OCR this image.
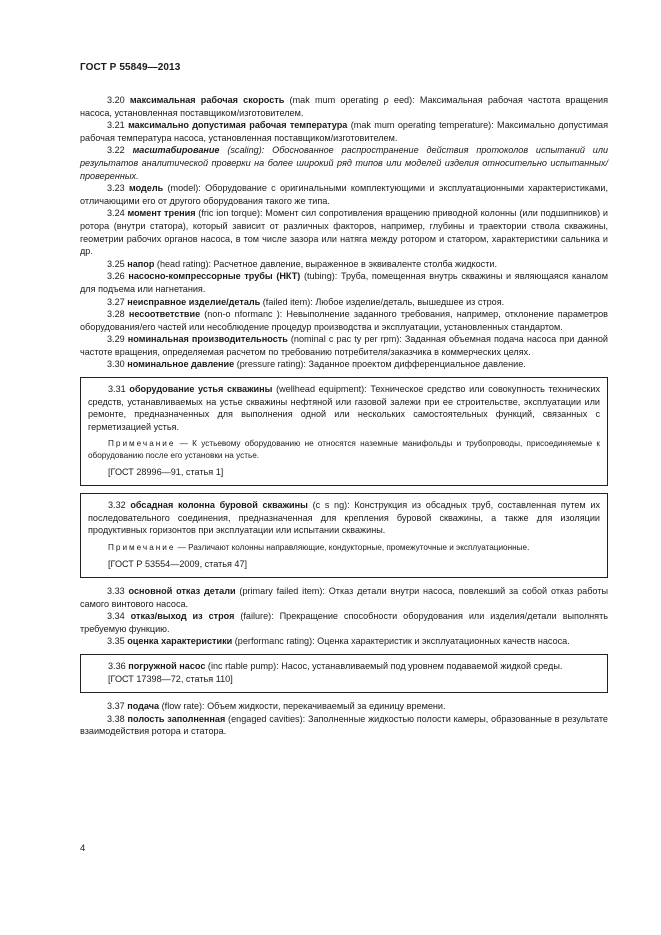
ГОСТ Р 55849—2013

3.20 максимальная рабочая скорость (mak mum operating ρ eed): Максимальная рабочая частота вращения насоса, установленная поставщиком/изготовителем.

3.21 максимально допустимая рабочая температура (mak mum operating temperature): Максимально допустимая рабочая температура насоса, установленная поставщиком/изготовителем.

3.22 масштабирование (scaling): Обоснованное распространение действия протоколов испытаний или результатов аналитической проверки на более широкий ряд типов или моделей изделия относительно испытанных/проверенных.

3.23 модель (model): Оборудование с оригинальными комплектующими и эксплуатационными характеристиками, отличающими его от другого оборудования такого же типа.

3.24 момент трения (fric ion torque): Момент сил сопротивления вращению приводной колонны (или подшипников) и ротора (внутри статора), который зависит от различных факторов, например, глубины и траектории ствола скважины, геометрии рабочих органов насоса, в том числе зазора или натяга между ротором и статором, характеристики сальника и др.

3.25 напор (head rating): Расчетное давление, выраженное в эквиваленте столба жидкости.

3.26 насосно-компрессорные трубы (НКТ) (tubing): Труба, помещенная внутрь скважины и являющаяся каналом для подъема или нагнетания.

3.27 неисправное изделие/деталь (failed item): Любое изделие/деталь, вышедшее из строя.

3.28 несоответствие (non-o nformanc ): Невыполнение заданного требования, например, отклонение параметров оборудования/его частей или несоблюдение процедур производства и эксплуатации, установленных стандартом.

3.29 номинальная производительность (nominal c pac ty per rpm): Заданная объемная подача насоса при данной частоте вращения, определяемая расчетом по требованию потребителя/заказчика в коммерческих целях.

3.30 номинальное давление (pressure rating): Заданное проектом дифференциальное давление.

3.31 оборудование устья скважины (wellhead equipment): Техническое средство или совокупность технических средств, устанавливаемых на устье скважины нефтяной или газовой залежи при ее строительстве, эксплуатации или ремонте, предназначенных для выполнения одной или нескольких самостоятельных функций, связанных с герметизацией устья.

Примечание — К устьевому оборудованию не относятся наземные манифольды и трубопроводы, присоединяемые к оборудованию после его установки на устье.

[ГОСТ 28996—91, статья 1]

3.32 обсадная колонна буровой скважины (c s ng): Конструкция из обсадных труб, составленная путем их последовательного соединения, предназначенная для крепления буровой скважины, а также для изоляции продуктивных горизонтов при эксплуатации или испытании скважины.

Примечание — Различают колонны направляющие, кондукторные, промежуточные и эксплуатационные.

[ГОСТ Р 53554—2009, статья 47]

3.33 основной отказ детали (primary failed item): Отказ детали внутри насоса, повлекший за собой отказ работы самого винтового насоса.

3.34 отказ/выход из строя (failure): Прекращение способности оборудования или изделия/детали выполнять требуемую функцию.

3.35 оценка характеристики (performanc rating): Оценка характеристик и эксплуатационных качеств насоса.

3.36 погружной насос (inc rtable pump): Насос, устанавливаемый под уровнем подаваемой жидкой среды.

[ГОСТ 17398—72, статья 110]

3.37 подача (flow rate): Объем жидкости, перекачиваемый за единицу времени.

3.38 полость заполненная (engaged cavities): Заполненные жидкостью полости камеры, образованные в результате взаимодействия ротора и статора.

4
